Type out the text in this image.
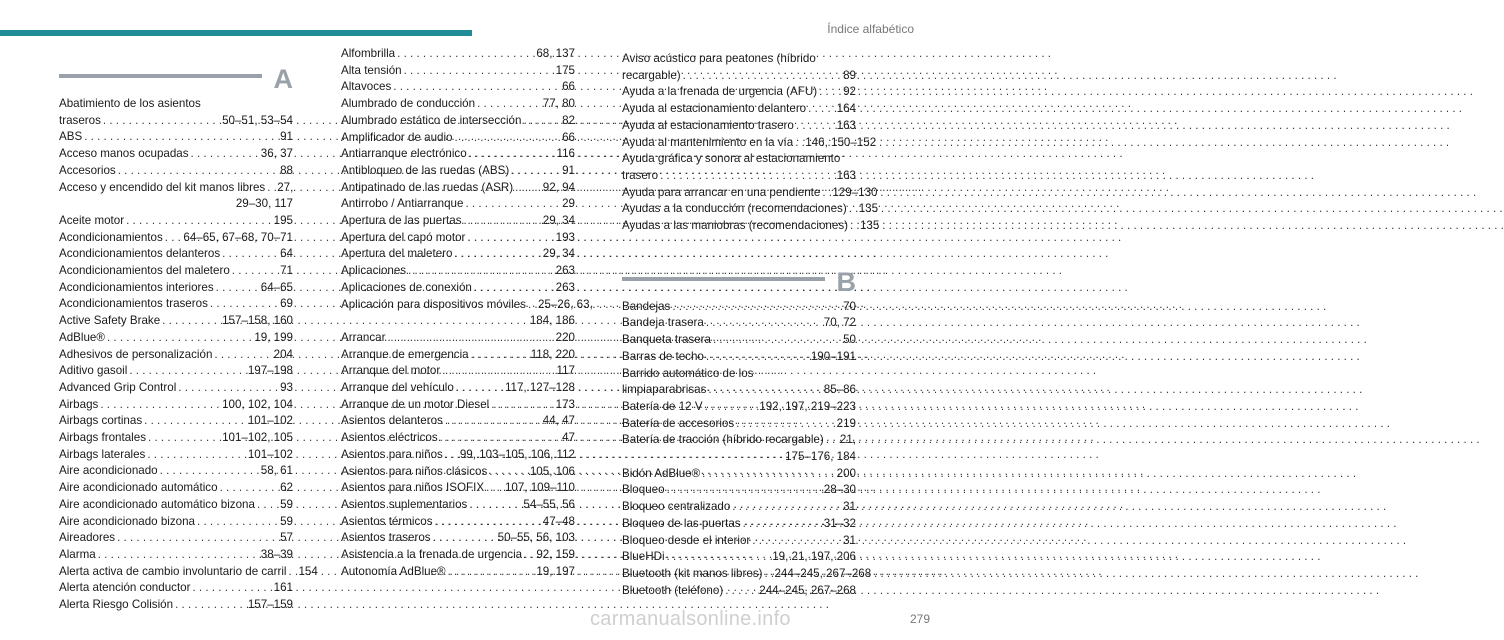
Índice alfabético
A
Abatimiento de los asientos
traseros . . .	50–51, 53–54
ABS . . .	91
Acceso manos ocupadas . . .	36, 37
Accesorios . . .	88
Acceso y encendido del kit manos libres . . . 27,
29–30, 117
Aceite motor . . .	195
Acondicionamientos . . . 64–65, 67–68, 70–71
Acondicionamientos delanteros . . .	64
Acondicionamientos del maletero . . .	71
Acondicionamientos interiores . . .	64–65
Acondicionamientos traseros . . .	69
Active Safety Brake . . .	157–158, 160
AdBlue® . . .	19, 199
Adhesivos de personalización . . .	204
Aditivo gasoil . . .	197–198
Advanced Grip Control . . .	93
Airbags . . .	100, 102, 104
Airbags cortinas . . .	101–102
Airbags frontales . . .	101–102, 105
Airbags laterales . . .	101–102
Aire acondicionado . . .	58, 61
Aire acondicionado automático . . .	62
Aire acondicionado automático bizona . . . 59
Aire acondicionado bizona . . .	59
Aireadores . . .	57
Alarma . . .	38–39
Alerta activa de cambio involuntario de carril . . . 154
Alerta atención conductor . . .	161
Alerta Riesgo Colisión . . .	157–159
Alfombrilla . . .	68, 137
Alta tensión . . .	175
Altavoces . . .	66
Alumbrado de conducción . . .	77, 80
Alumbrado estático de intersección . . .	82
Amplificador de audio . . .	66
Antiarranque electrónico . . .	116
Antibloqueo de las ruedas (ABS) . . .	91
Antipatinado de las ruedas (ASR) . . .	92, 94
Antirrobo / Antiarranque . . .	29
Apertura de las puertas . . .	29, 34
Apertura del capó motor . . .	193
Apertura del maletero . . .	29, 34
Aplicaciones . . .	263
Aplicaciones de conexión . . .	263
Aplicación para dispositivos móviles . . . 25–26, 63,
184, 186
Arrancar . . .	220
Arranque de emergencia . . .	118, 220
Arranque del motor . . .	117
Arranque del vehículo . . .	117, 127–128
Arranque de un motor Diesel . . .	173
Asientos delanteros . . .	44, 47
Asientos eléctricos . . .	47
Asientos para niños . . . 99, 103–105, 106, 112
Asientos para niños clásicos . . .	105, 106
Asientos para niños ISOFIX . . . 107, 109–110
Asientos suplementarios . . .	54–55, 56
Asientos térmicos . . .	47–48
Asientos traseros . . .	50–55, 56, 103
Asistencia a la frenada de urgencia . . . 92, 159
Autonomía AdBlue® . . .	19, 197
Aviso acústico para peatones (híbrido
recargable) . . .	89
Ayuda a la frenada de urgencia (AFU) . . . 92
Ayuda al estacionamiento delantero . . .	164
Ayuda al estacionamiento trasero . . .	163
Ayuda al mantenimiento en la vía . . . 146, 150–152
Ayuda gráfica y sonora al estacionamiento
trasero . . .	163
Ayuda para arrancar en una pendiente . . . 129–130
Ayudas a la conducción (recomendaciones) . . . 135
Ayudas a las maniobras (recomendaciones) . . . 135
B
Bandejas . . .	70
Bandeja trasera . . .	70, 72
Banqueta trasera . . .	50
Barras de techo . . .	190–191
Barrido automático de los
limpiaparabrisas . . .	85–86
Batería de 12 V . . .	192, 197, 219–223
Batería de accesorios . . .	219
Batería de tracción (híbrido recargable) . . . 21,
175–176, 184
Bidón AdBlue® . . .	200
Bloqueo . . .	28–30
Bloqueo centralizado . . .	31
Bloqueo de las puertas . . .	31–32
Bloqueo desde el interior . . .	31
BlueHDi . . .	19, 21, 197, 206
Bluetooth (kit manos libres) . . . 244–245, 267–268
Bluetooth (teléfono) . . .	244–245, 267–268
carmanualsonline.info	279
